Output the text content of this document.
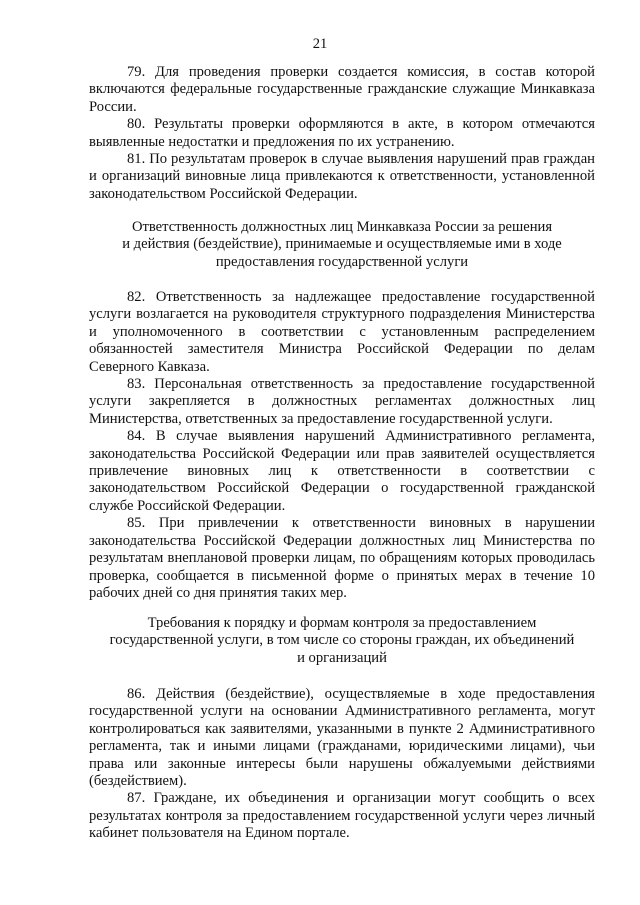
21

79. Для проведения проверки создается комиссия, в состав которой включаются федеральные государственные гражданские служащие Минкавказа России.

80. Результаты проверки оформляются в акте, в котором отмечаются выявленные недостатки и предложения по их устранению.

81. По результатам проверок в случае выявления нарушений прав граждан и организаций виновные лица привлекаются к ответственности, установленной законодательством Российской Федерации.

Ответственность должностных лиц Минкавказа России за решения
и действия (бездействие), принимаемые и осуществляемые ими в ходе
предоставления государственной услуги

82. Ответственность за надлежащее предоставление государственной услуги возлагается на руководителя структурного подразделения Министерства и уполномоченного в соответствии с установленным распределением обязанностей заместителя Министра Российской Федерации по делам Северного Кавказа.

83. Персональная ответственность за предоставление государственной услуги закрепляется в должностных регламентах должностных лиц Министерства, ответственных за предоставление государственной услуги.

84. В случае выявления нарушений Административного регламента, законодательства Российской Федерации или прав заявителей осуществляется привлечение виновных лиц к ответственности в соответствии с законодательством Российской Федерации о государственной гражданской службе Российской Федерации.

85. При привлечении к ответственности виновных в нарушении законодательства Российской Федерации должностных лиц Министерства по результатам внеплановой проверки лицам, по обращениям которых проводилась проверка, сообщается в письменной форме о принятых мерах в течение 10 рабочих дней со дня принятия таких мер.

Требования к порядку и формам контроля за предоставлением
государственной услуги, в том числе со стороны граждан, их объединений
и организаций

86. Действия (бездействие), осуществляемые в ходе предоставления государственной услуги на основании Административного регламента, могут контролироваться как заявителями, указанными в пункте 2 Административного регламента, так и иными лицами (гражданами, юридическими лицами), чьи права или законные интересы были нарушены обжалуемыми действиями (бездействием).

87. Граждане, их объединения и организации могут сообщить о всех результатах контроля за предоставлением государственной услуги через личный кабинет пользователя на Едином портале.
